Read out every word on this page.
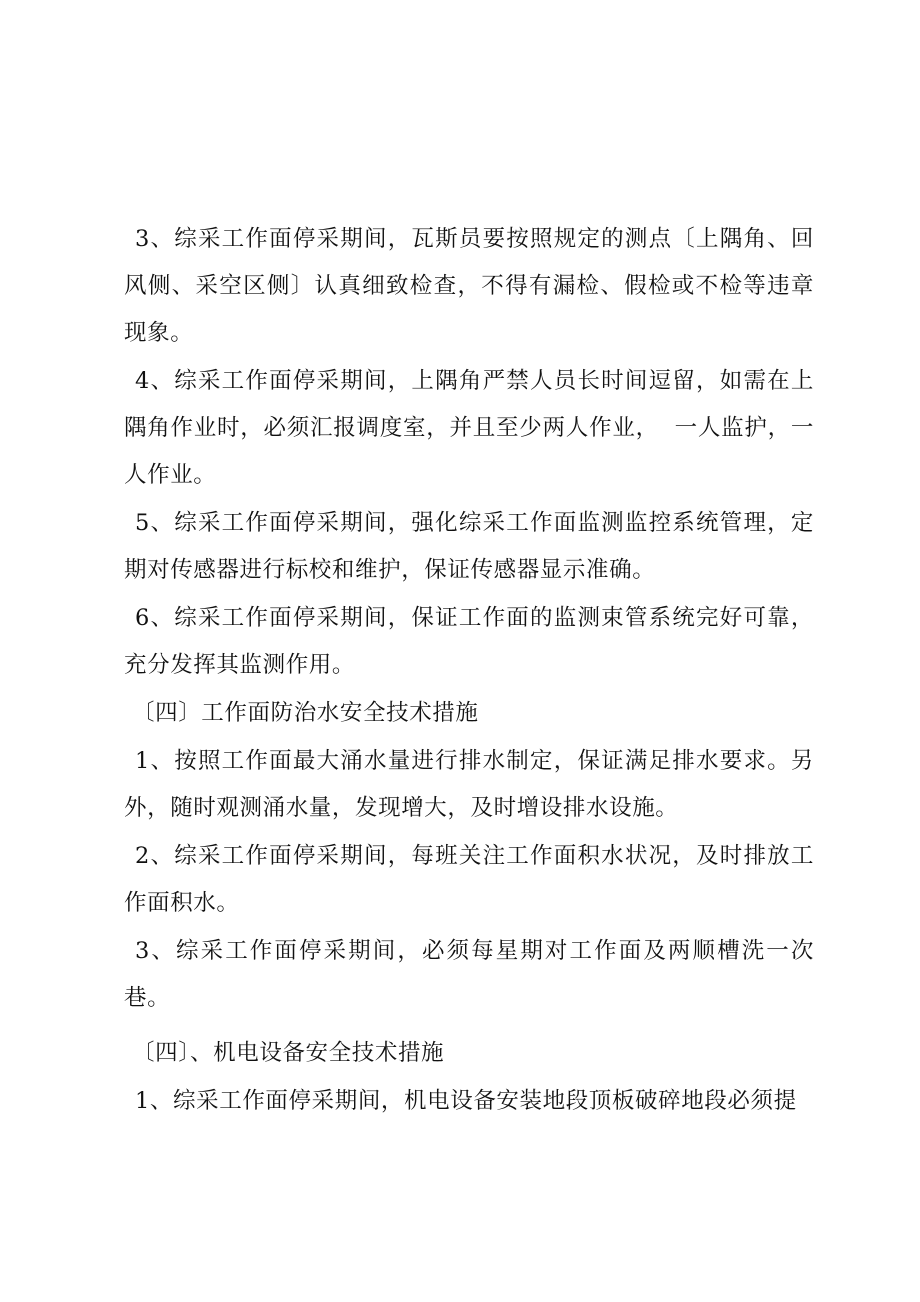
3、综采工作面停采期间，瓦斯员要按照规定的测点〔上隅角、回风侧、采空区侧〕认真细致检查，不得有漏检、假检或不检等违章现象。

4、综采工作面停采期间，上隅角严禁人员长时间逗留，如需在上隅角作业时，必须汇报调度室，并且至少两人作业，  一人监护，一人作业。

5、综采工作面停采期间，强化综采工作面监测监控系统管理，定期对传感器进行标校和维护，保证传感器显示准确。

6、综采工作面停采期间，保证工作面的监测束管系统完好可靠，充分发挥其监测作用。

〔四〕工作面防治水安全技术措施

1、按照工作面最大涌水量进行排水制定，保证满足排水要求。另外，随时观测涌水量，发现增大，及时增设排水设施。

2、综采工作面停采期间，每班关注工作面积水状况，及时排放工作面积水。

3、综采工作面停采期间，必须每星期对工作面及两顺槽洗一次巷。

〔四〕、机电设备安全技术措施

1、综采工作面停采期间，机电设备安装地段顶板破碎地段必须提
